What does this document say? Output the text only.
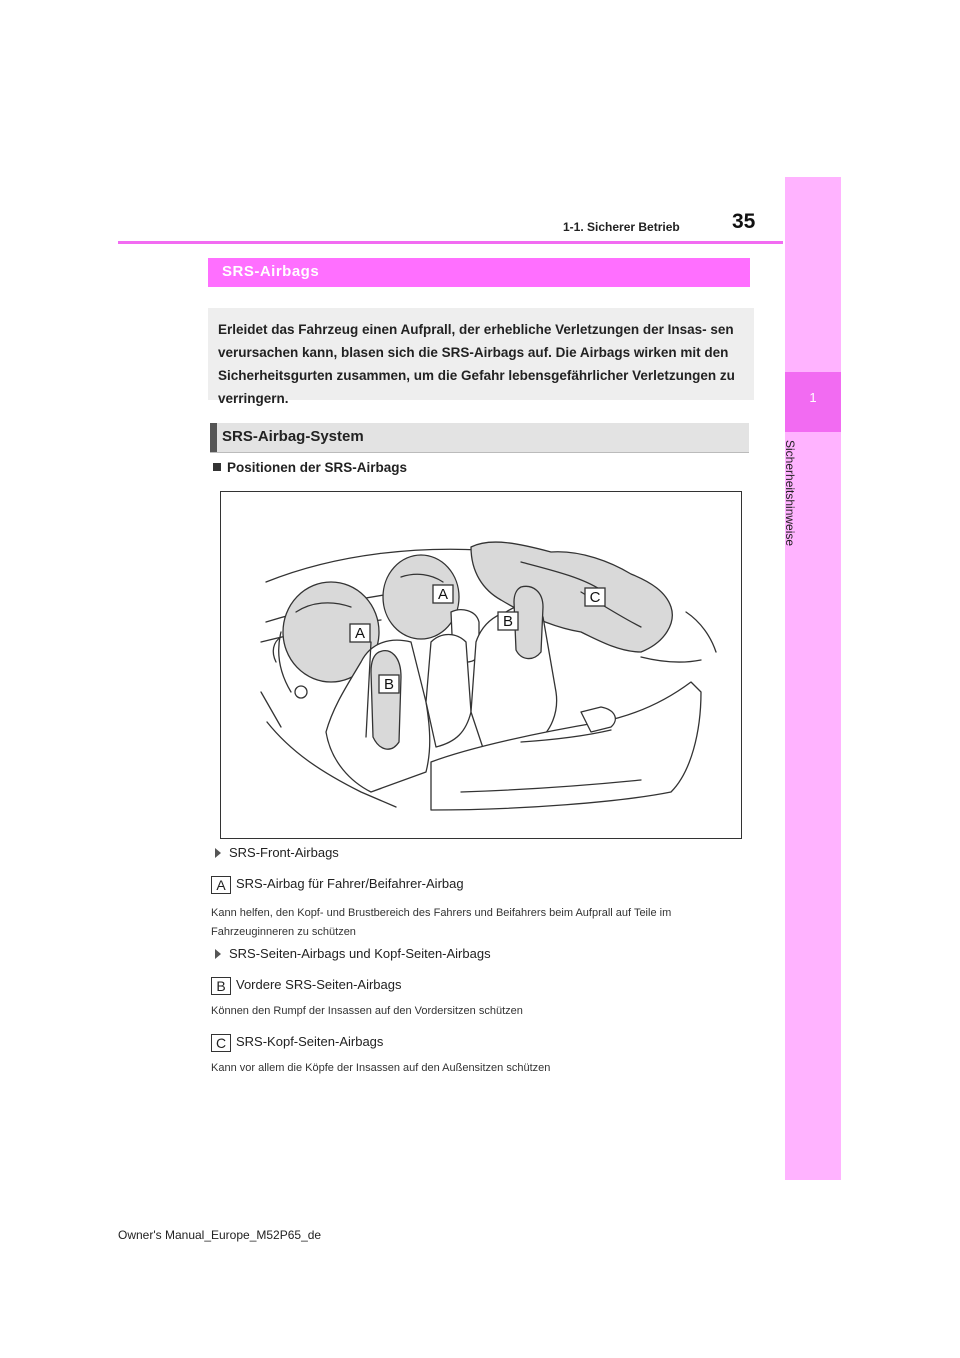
1
Sicherheitshinweise
1-1. Sicherer Betrieb 35
SRS-Airbags

Erleidet das Fahrzeug einen Aufprall, der erhebliche Verletzungen der Insas- sen verursachen kann, blasen sich die SRS-Airbags auf. Die Airbags wirken mit den Sicherheitsgurten zusammen, um die Gefahr lebensgefährlicher Verletzungen zu verringern.

SRS-Airbag-System
Positionen der SRS-Airbags
A
A
B
B
C
SRS-Front-Airbags
A SRS-Airbag für Fahrer/Beifahrer-Airbag
Kann helfen, den Kopf- und Brustbereich des Fahrers und Beifahrers beim Aufprall auf Teile im Fahrzeuginneren zu schützen
SRS-Seiten-Airbags und Kopf-Seiten-Airbags
B Vordere SRS-Seiten-Airbags
Können den Rumpf der Insassen auf den Vordersitzen schützen
C SRS-Kopf-Seiten-Airbags
Kann vor allem die Köpfe der Insassen auf den Außensitzen schützen
Owner's Manual_Europe_M52P65_de
